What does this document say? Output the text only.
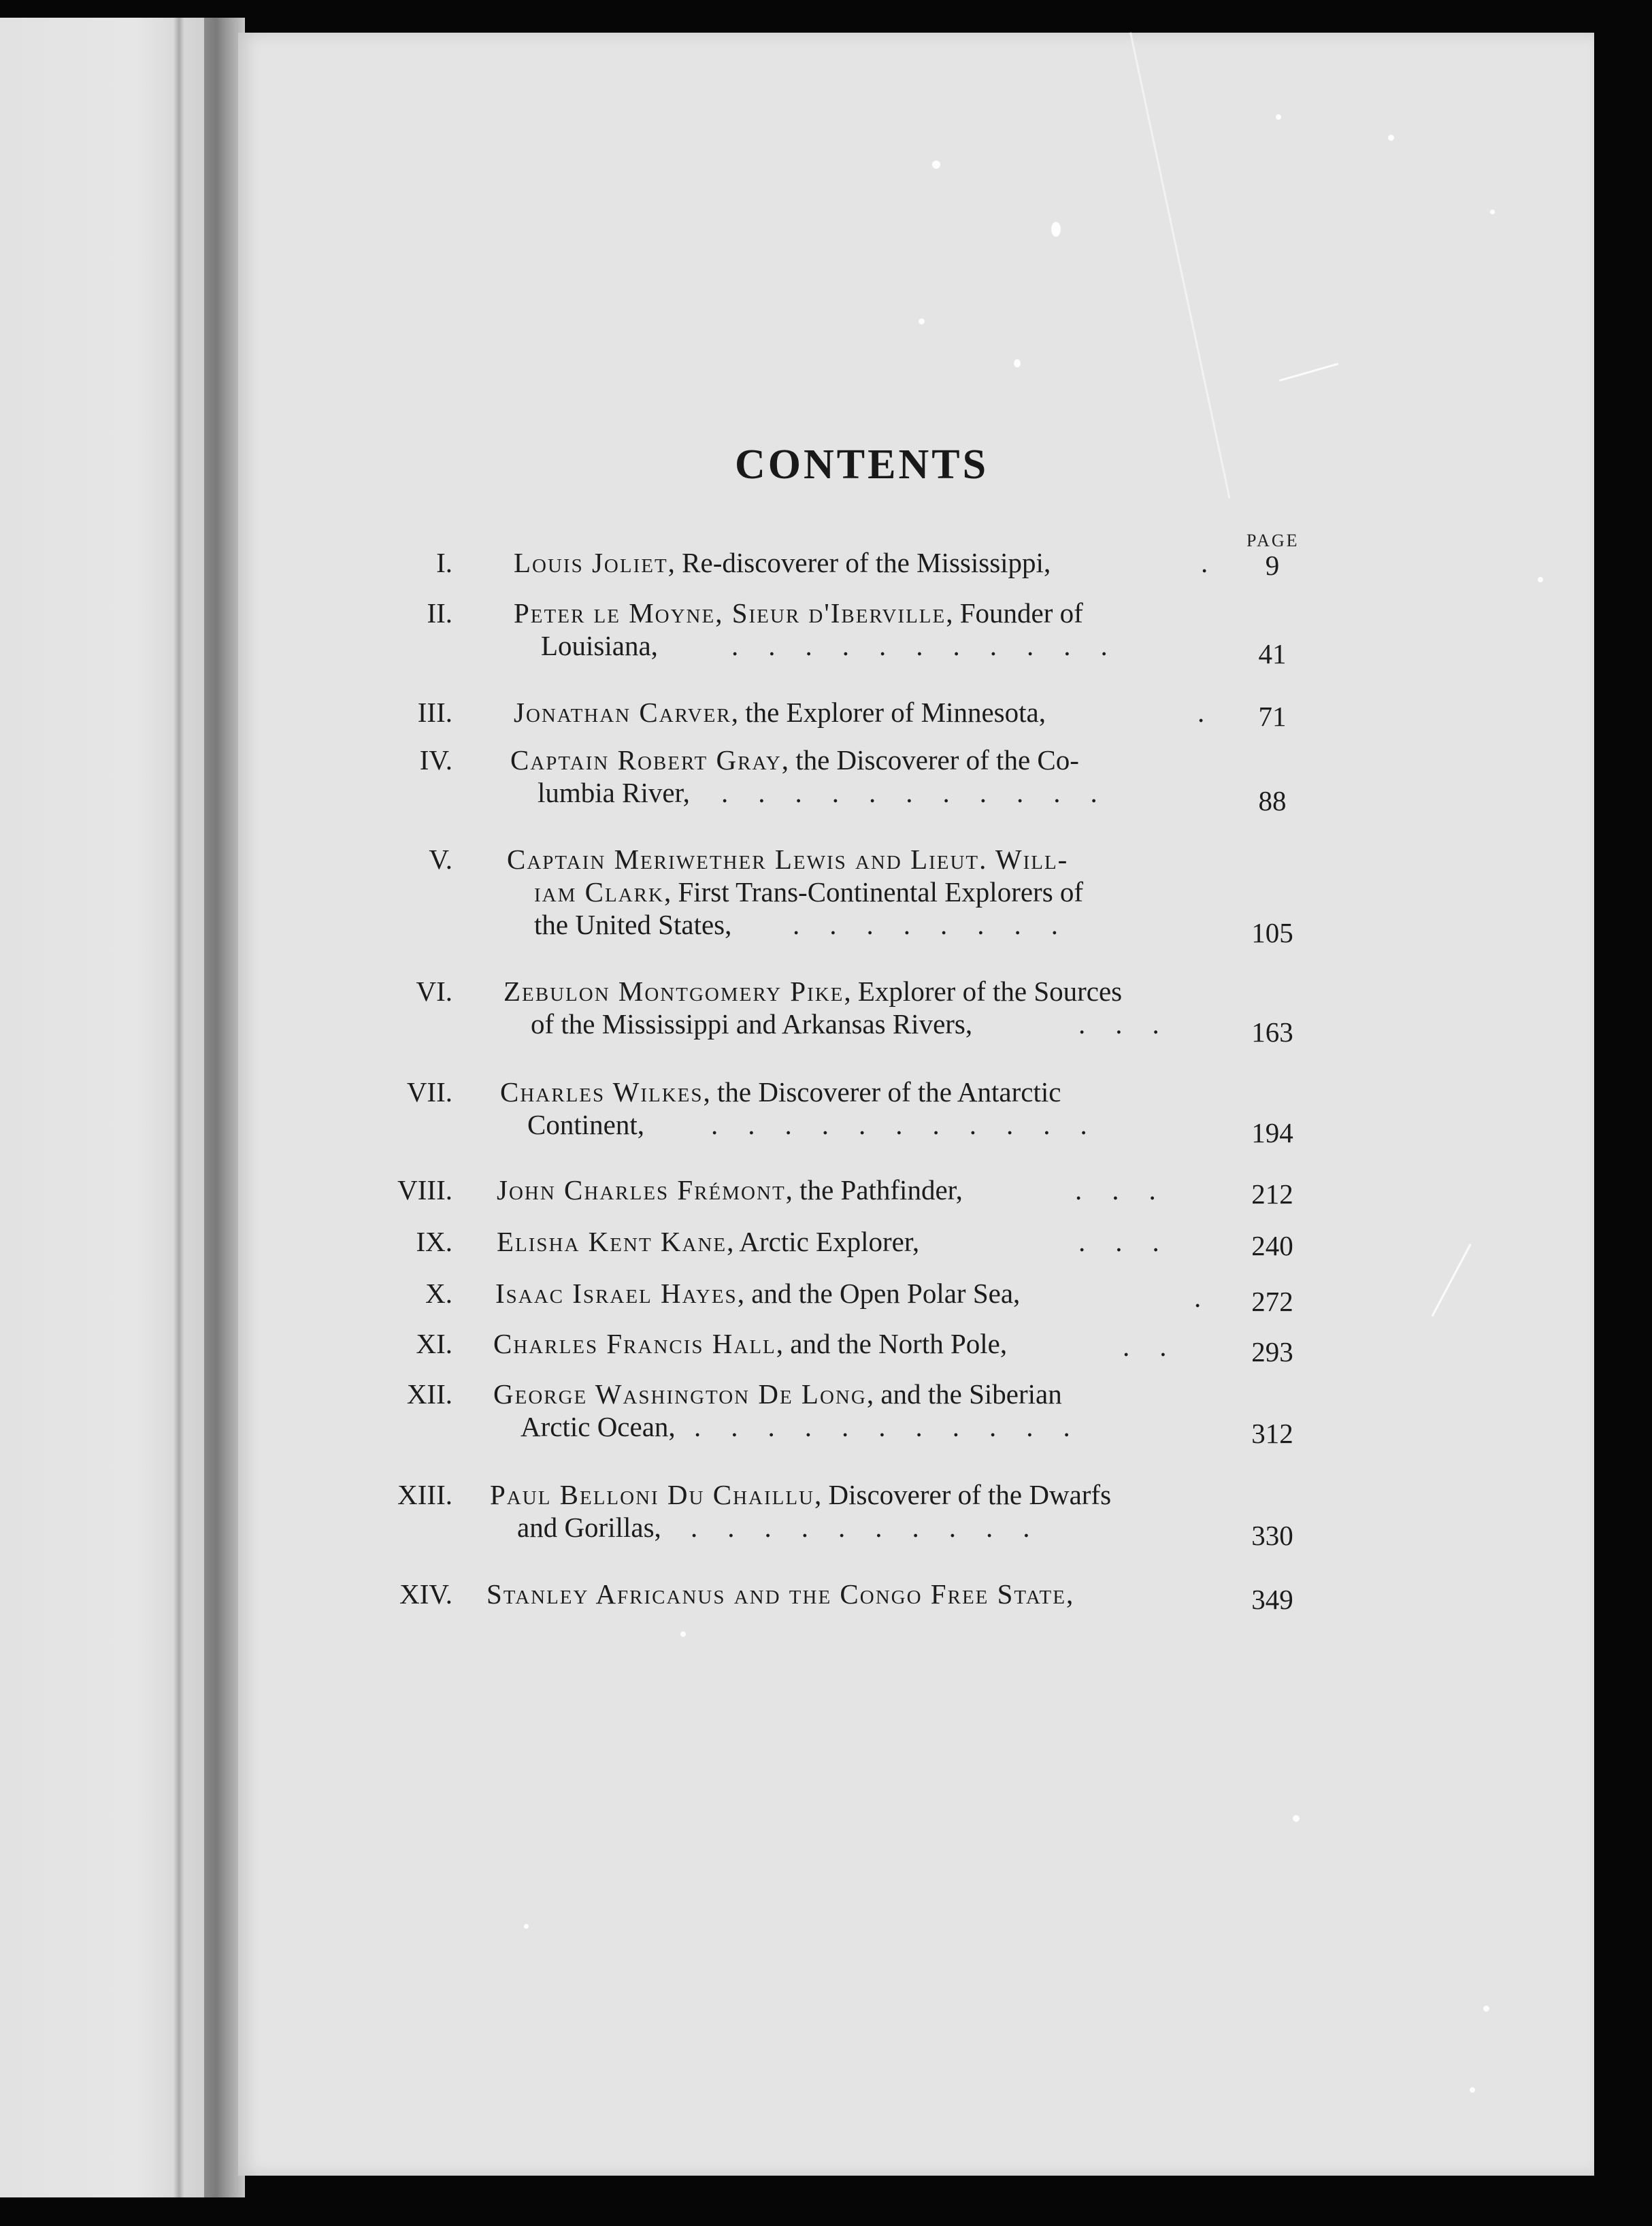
CONTENTS
PAGE
I. Louis Joliet, Re-discoverer of the Mississippi,	. 9
II. Peter le Moyne, Sieur d'Iberville, Founder of
Louisiana,	...........	41
III. Jonathan Carver, the Explorer of Minnesota,	. 71
IV. Captain Robert Gray, the Discoverer of the Co-
lumbia River, ...........	88
V. Captain Meriwether Lewis and Lieut. Will-
iam Clark, First Trans-Continental Explorers of
the United States, ........	105
VI. Zebulon Montgomery Pike, Explorer of the Sources
of the Mississippi and Arkansas Rivers,	...	163
VII. Charles Wilkes, the Discoverer of the Antarctic
Continent, ...........	194
VIII. John Charles Frémont, the Pathfinder,	...	212
IX. Elisha Kent Kane, Arctic Explorer,	...	240
X. Isaac Israel Hayes, and the Open Polar Sea,	. 272
XI. Charles Francis Hall, and the North Pole,	..	293
XII. George Washington De Long, and the Siberian
Arctic Ocean, ...........	312
XIII. Paul Belloni Du Chaillu, Discoverer of the Dwarfs
and Gorillas, ..........	330
XIV. Stanley Africanus and the Congo Free State,	349
